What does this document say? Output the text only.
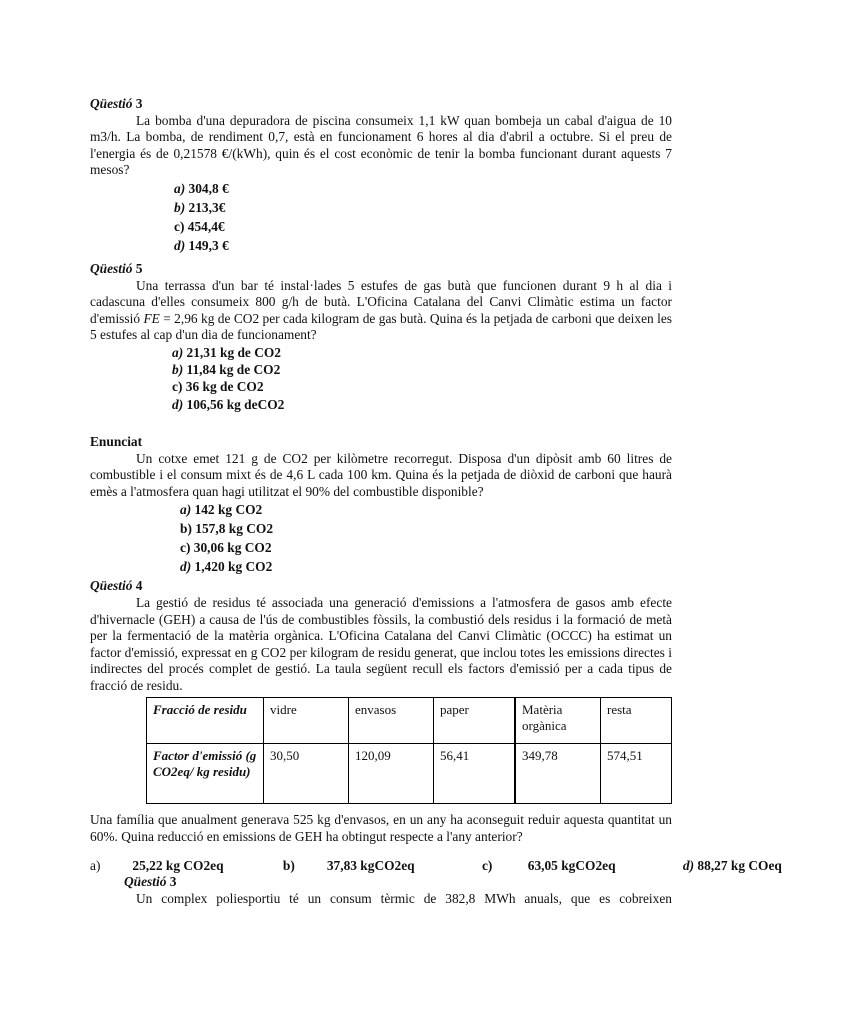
Qüestió 3

La bomba d'una depuradora de piscina consumeix 1,1 kW quan bombeja un cabal d'aigua de 10 m3/h. La bomba, de rendiment 0,7, està en funcionament 6 hores al dia d'abril a octubre. Si el preu de l'energia és de 0,21578 €/(kWh), quin és el cost econòmic de tenir la bomba funcionant durant aquests 7 mesos?

a) 304,8 €
b) 213,3€
c) 454,4€
d) 149,3 €
Qüestió 5

Una terrassa d'un bar té instal·lades 5 estufes de gas butà que funcionen durant 9 h al dia i cadascuna d'elles consumeix 800 g/h de butà. L'Oficina Catalana del Canvi Climàtic estima un factor d'emissió FE = 2,96 kg de CO2 per cada kilogram de gas butà. Quina és la petjada de carboni que deixen les 5 estufes al cap d'un dia de funcionament?

a) 21,31 kg de CO2
b) 11,84 kg de CO2
c) 36 kg de CO2
d) 106,56 kg deCO2
Enunciat

Un cotxe emet 121 g de CO2 per kilòmetre recorregut. Disposa d'un dipòsit amb 60 litres de combustible i el consum mixt és de 4,6 L cada 100 km. Quina és la petjada de diòxid de carboni que haurà emès a l'atmosfera quan hagi utilitzat el 90% del combustible disponible?

a) 142 kg CO2
b) 157,8 kg CO2
c) 30,06 kg CO2
d) 1,420 kg CO2
Qüestió 4

La gestió de residus té associada una generació d'emissions a l'atmosfera de gasos amb efecte d'hivernacle (GEH) a causa de l'ús de combustibles fòssils, la combustió dels residus i la formació de metà per la fermentació de la matèria orgànica. L'Oficina Catalana del Canvi Climàtic (OCCC) ha estimat un factor d'emissió, expressat en g CO2 per kilogram de residu generat, que inclou totes les emissions directes i indirectes del procés complet de gestió. La taula següent recull els factors d'emissió per a cada tipus de fracció de residu.

Fracció de residu	vidre	envasos	paper	Matèria orgànica	resta
Factor d'emissió (g CO2eq/ kg residu)	30,50	120,09	56,41	349,78	574,51

Una família que anualment generava 525 kg d'envasos, en un any ha aconseguit reduir aquesta quantitat un 60%. Quina reducció en emissions de GEH ha obtingut respecte a l'any anterior?

a) 25,22 kg CO2eq	b) 37,83 kgCO2eq	c)	63,05 kgCO2eq	d) 88,27 kg COeq
Qüestió 3

Un complex poliesportiu té un consum tèrmic de 382,8 MWh anuals, que es cobreixen
